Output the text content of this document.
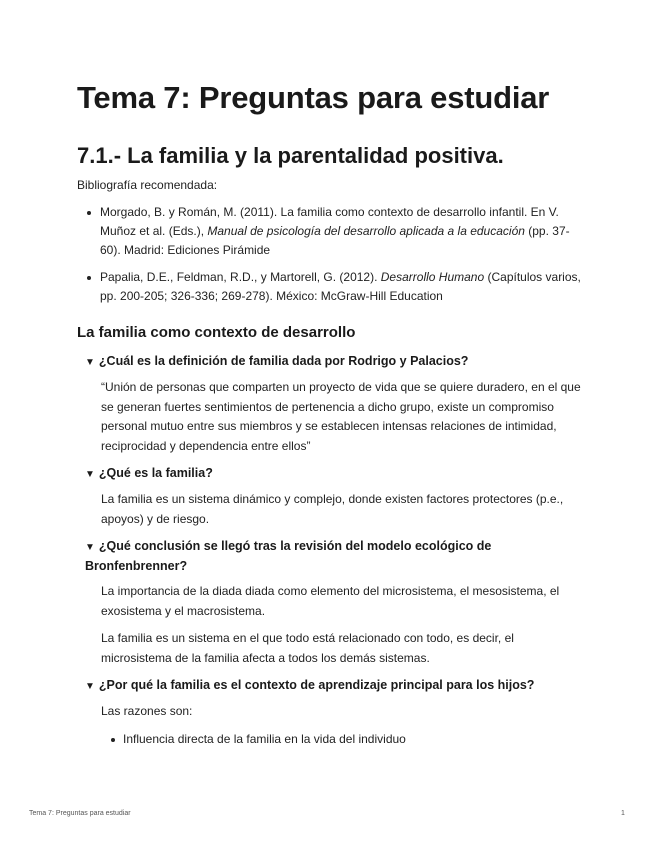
Tema 7: Preguntas para estudiar
7.1.- La familia y la parentalidad positiva.

Bibliografía recomendada:

Morgado, B. y Román, M. (2011). La familia como contexto de desarrollo infantil. En V. Muñoz et al. (Eds.), Manual de psicología del desarrollo aplicada a la educación (pp. 37-60). Madrid: Ediciones Pirámide
Papalia, D.E., Feldman, R.D., y Martorell, G. (2012). Desarrollo Humano (Capítulos varios, pp. 200-205; 326-336; 269-278). México: McGraw-Hill Education
La familia como contexto de desarrollo

▼ ¿Cuál es la definición de familia dada por Rodrigo y Palacios?

“Unión de personas que comparten un proyecto de vida que se quiere duradero, en el que se generan fuertes sentimientos de pertenencia a dicho grupo, existe un compromiso personal mutuo entre sus miembros y se establecen intensas relaciones de intimidad, reciprocidad y dependencia entre ellos”

▼ ¿Qué es la familia?

La familia es un sistema dinámico y complejo, donde existen factores protectores (p.e., apoyos) y de riesgo.

▼ ¿Qué conclusión se llegó tras la revisión del modelo ecológico de Bronfenbrenner?

La importancia de la diada diada como elemento del microsistema, el mesosistema, el exosistema y el macrosistema.

La familia es un sistema en el que todo está relacionado con todo, es decir, el microsistema de la familia afecta a todos los demás sistemas.

▼ ¿Por qué la familia es el contexto de aprendizaje principal para los hijos?

Las razones son:

Influencia directa de la familia en la vida del individuo
Tema 7: Preguntas para estudiar	1
